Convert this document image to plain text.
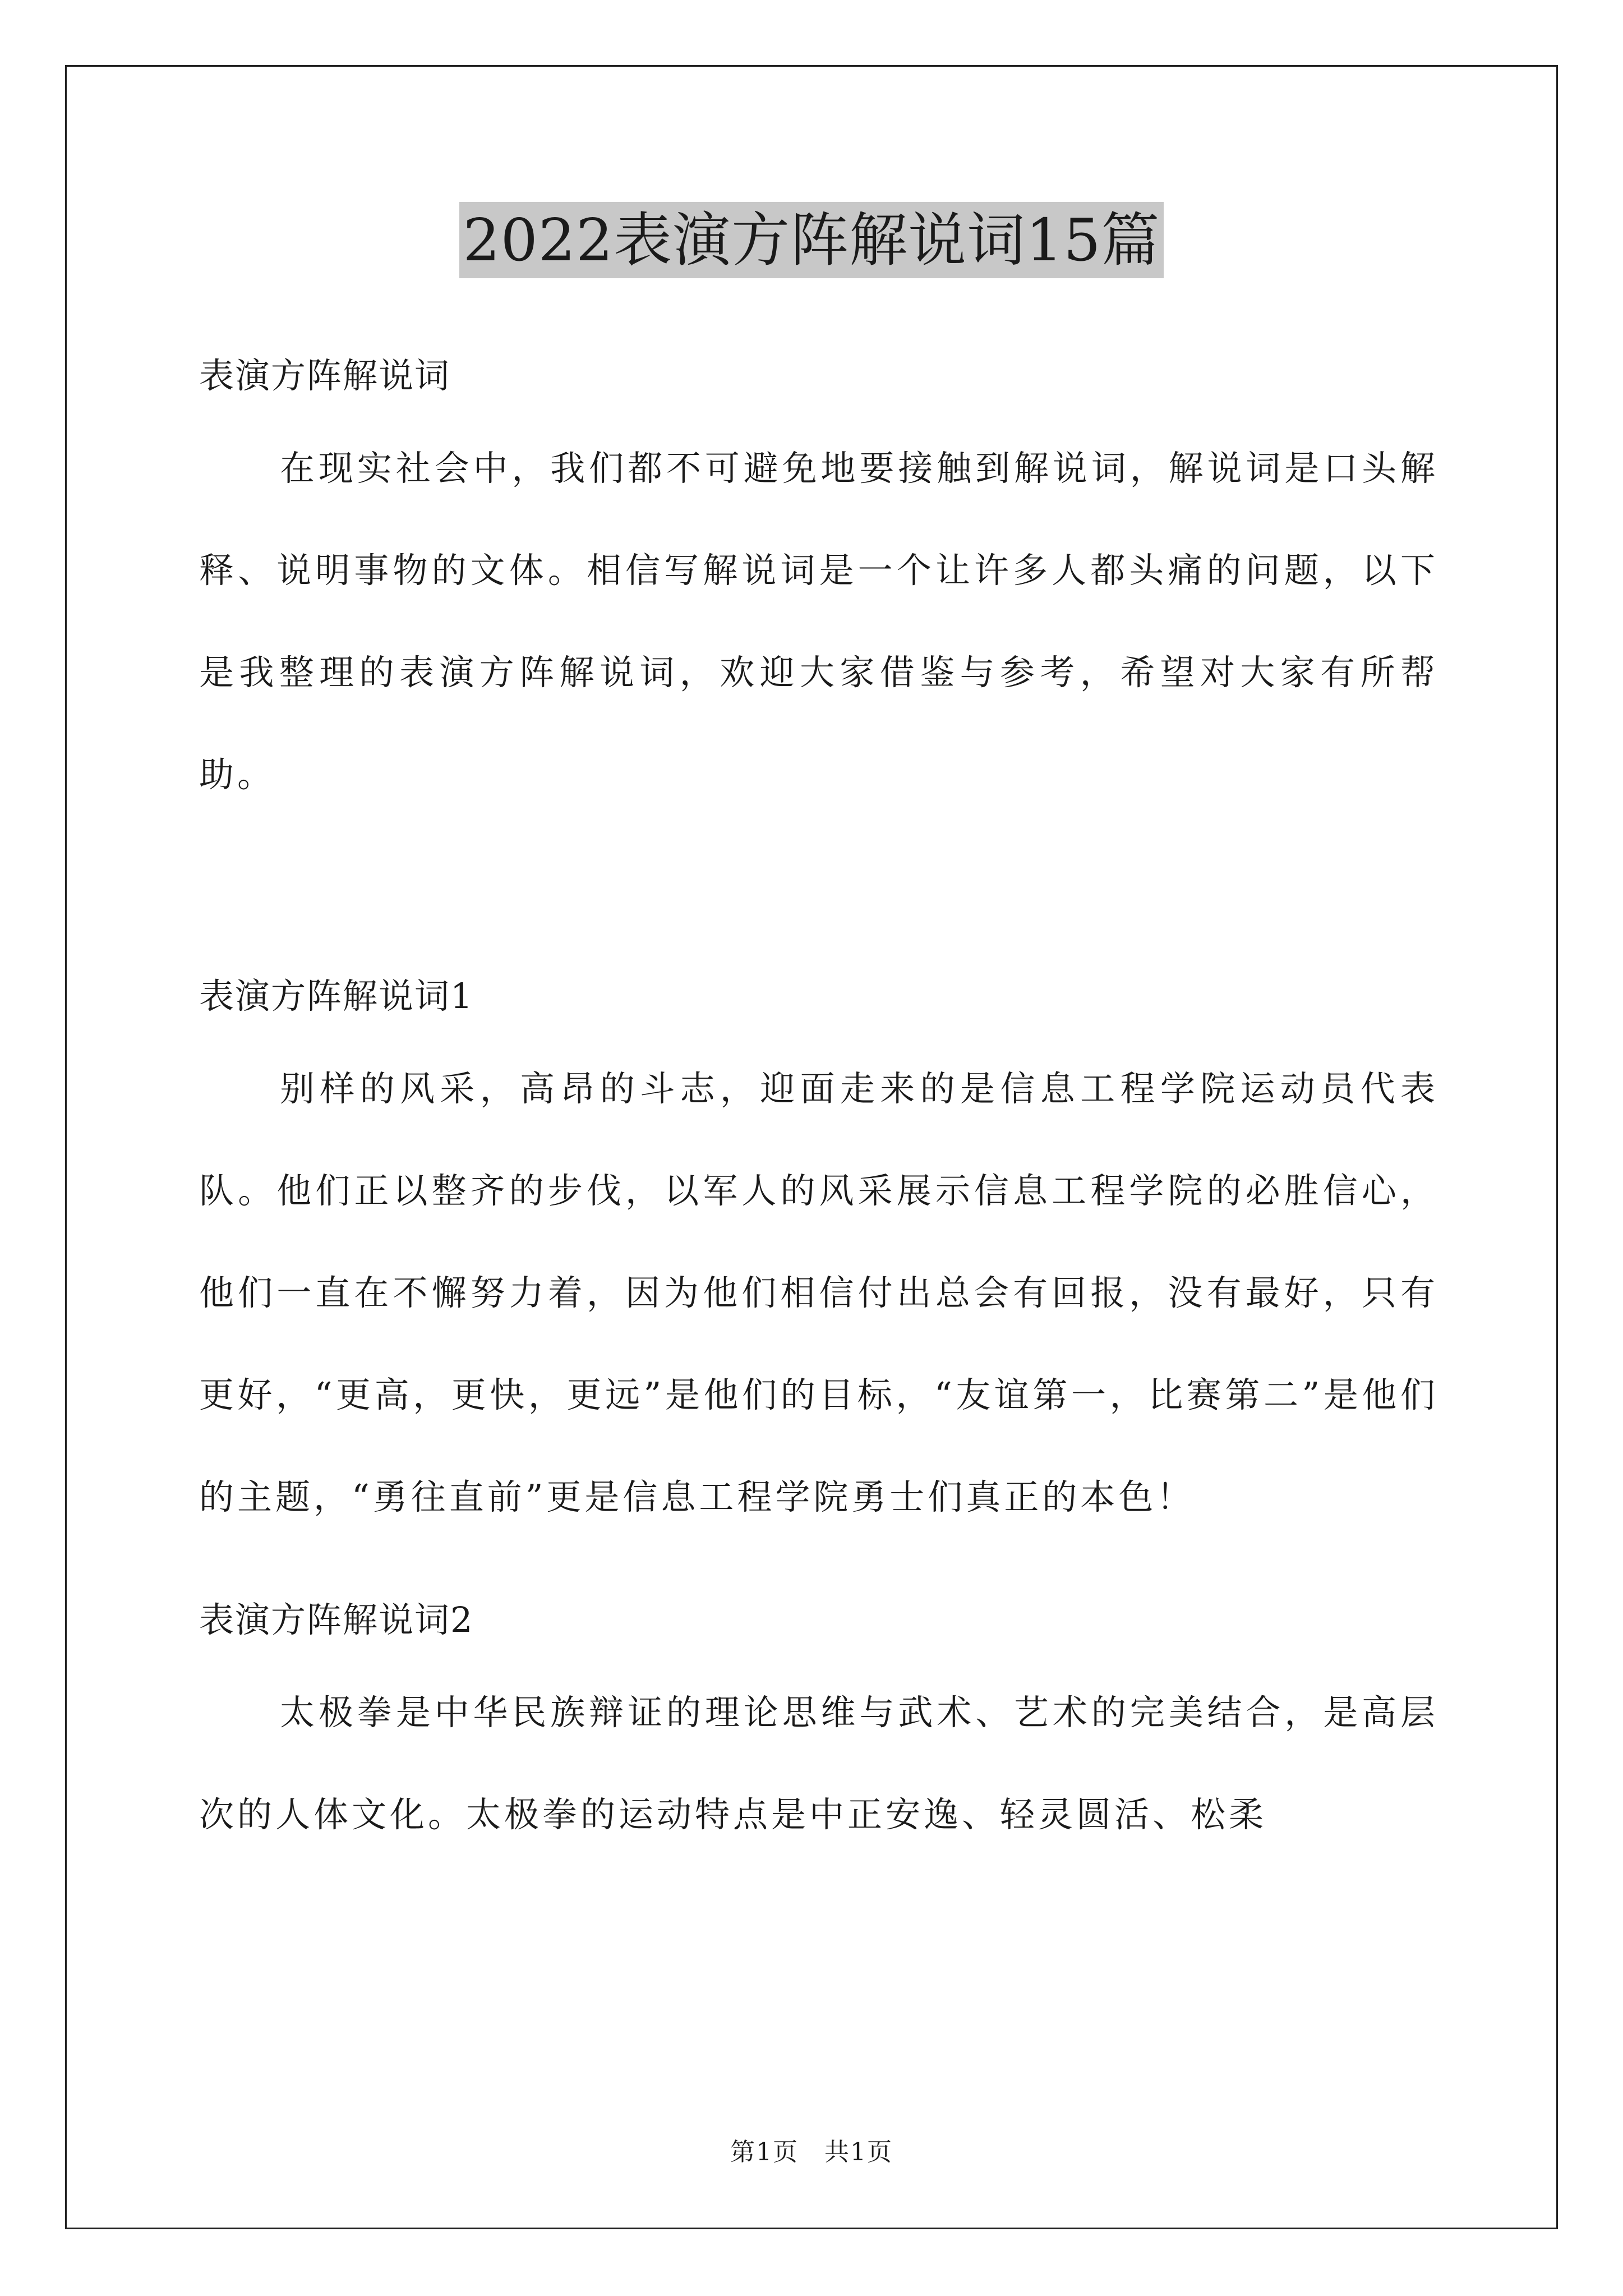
2022表演方阵解说词15篇

表演方阵解说词

在现实社会中，我们都不可避免地要接触到解说词，解说词是口头解释、说明事物的文体。相信写解说词是一个让许多人都头痛的问题，以下是我整理的表演方阵解说词，欢迎大家借鉴与参考，希望对大家有所帮助。

表演方阵解说词1

别样的风采，高昂的斗志，迎面走来的是信息工程学院运动员代表队。他们正以整齐的步伐，以军人的风采展示信息工程学院的必胜信心，他们一直在不懈努力着，因为他们相信付出总会有回报，没有最好，只有更好，“更高，更快，更远”是他们的目标，“友谊第一，比赛第二”是他们的主题，“勇往直前”更是信息工程学院勇士们真正的本色！

表演方阵解说词2

太极拳是中华民族辩证的理论思维与武术、艺术的完美结合，是高层次的人体文化。太极拳的运动特点是中正安逸、轻灵圆活、松柔

第1页　共1页
